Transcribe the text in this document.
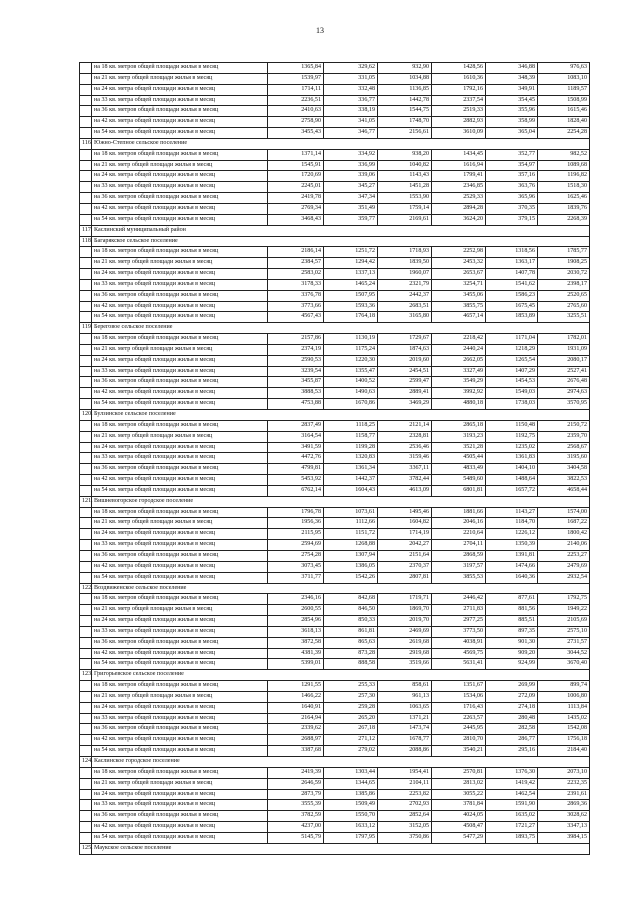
13
	на 18 кв. метров общей площади жилья в месяц	1365,84	329,62	932,90	1428,56	346,88	976,63
	на 21 кв. метр общей площади жилья в месяц	1539,97	331,05	1034,88	1610,36	348,39	1083,10
	на 24 кв. метра общей площади жилья в месяц	1714,11	332,48	1136,85	1792,16	349,91	1189,57
	на 33 кв. метра общей площади жилья в месяц	2236,51	336,77	1442,78	2337,54	354,45	1508,99
	на 36 кв. метров общей площади жилья в месяц	2410,63	338,19	1544,75	2519,33	355,96	1615,46
	на 42 кв. метра общей площади жилья в месяц	2758,90	341,05	1748,70	2882,93	358,99	1828,40
	на 54 кв. метра общей площади жилья в месяц	3455,43	346,77	2156,61	3610,09	365,04	2254,28
116.	Южно-Степное сельское поселение						
	на 18 кв. метров общей площади жилья в месяц	1371,14	334,92	938,20	1434,45	352,77	982,52
	на 21 кв. метр общей площади жилья в месяц	1545,91	336,99	1040,82	1616,94	354,97	1089,68
	на 24 кв. метра общей площади жилья в месяц	1720,69	339,06	1143,43	1799,41	357,16	1196,82
	на 33 кв. метра общей площади жилья в месяц	2245,01	345,27	1451,28	2346,85	363,76	1518,30
	на 36 кв. метров общей площади жилья в месяц	2419,78	347,34	1553,90	2529,33	365,96	1625,46
	на 42 кв. метра общей площади жилья в месяц	2769,34	351,49	1759,14	2894,28	370,35	1839,76
	на 54 кв. метра общей площади жилья в месяц	3468,43	359,77	2169,61	3624,20	379,15	2268,39
117.	Каслинский муниципальный район						
118.	Багарякское сельское поселение						
	на 18 кв. метров общей площади жилья в месяц	2186,14	1251,72	1718,93	2252,98	1318,56	1785,77
	на 21 кв. метр общей площади жилья в месяц	2384,57	1294,42	1839,50	2453,32	1363,17	1908,25
	на 24 кв. метра общей площади жилья в месяц	2583,02	1337,13	1960,07	2653,67	1407,78	2030,72
	на 33 кв. метра общей площади жилья в месяц	3178,33	1465,24	2321,79	3254,71	1541,62	2398,17
	на 36 кв. метров общей площади жилья в месяц	3376,78	1507,95	2442,37	3455,06	1586,23	2520,65
	на 42 кв. метра общей площади жилья в месяц	3773,66	1593,36	2683,51	3855,75	1675,45	2765,60
	на 54 кв. метра общей площади жилья в месяц	4567,43	1764,18	3165,80	4657,14	1853,89	3255,51
119.	Береговое сельское поселение						
	на 18 кв. метров общей площади жилья в месяц	2157,86	1130,19	1729,67	2218,42	1171,04	1782,01
	на 21 кв. метр общей площади жилья в месяц	2374,19	1175,24	1874,63	2440,24	1218,29	1931,09
	на 24 кв. метра общей площади жилья в месяц	2590,53	1220,30	2019,60	2662,05	1265,54	2080,17
	на 33 кв. метра общей площади жилья в месяц	3239,54	1355,47	2454,51	3327,49	1407,29	2527,41
	на 36 кв. метров общей площади жилья в месяц	3455,87	1400,52	2599,47	3549,29	1454,53	2676,48
	на 42 кв. метра общей площади жилья в месяц	3888,53	1490,63	2889,41	3992,92	1549,03	2974,63
	на 54 кв. метра общей площади жилья в месяц	4753,88	1670,86	3469,29	4880,18	1738,03	3570,95
120.	Булзинское сельское поселение						
	на 18 кв. метров общей площади жилья в месяц	2837,49	1118,25	2121,14	2865,18	1150,48	2150,72
	на 21 кв. метр общей площади жилья в месяц	3164,54	1158,77	2328,81	3193,23	1192,75	2359,70
	на 24 кв. метра общей площади жилья в месяц	3491,59	1199,28	2536,46	3521,28	1235,02	2568,67
	на 33 кв. метра общей площади жилья в месяц	4472,76	1320,83	3159,46	4505,44	1361,83	3195,60
	на 36 кв. метров общей площади жилья в месяц	4799,81	1361,34	3367,11	4833,49	1404,10	3404,58
	на 42 кв. метра общей площади жилья в месяц	5453,92	1442,37	3782,44	5489,60	1488,64	3822,53
	на 54 кв. метра общей площади жилья в месяц	6762,14	1604,43	4613,09	6801,81	1657,72	4658,44
121.	Вишневогорское городское поселение						
	на 18 кв. метров общей площади жилья в месяц	1796,78	1073,61	1495,46	1881,66	1143,27	1574,00
	на 21 кв. метр общей площади жилья в месяц	1956,36	1112,66	1604,82	2046,16	1184,70	1687,22
	на 24 кв. метра общей площади жилья в месяц	2115,95	1151,72	1714,19	2210,64	1226,12	1800,42
	на 33 кв. метра общей площади жилья в месяц	2594,69	1268,88	2042,27	2704,11	1350,39	2140,06
	на 36 кв. метров общей площади жилья в месяц	2754,28	1307,94	2151,64	2868,59	1391,81	2253,27
	на 42 кв. метра общей площади жилья в месяц	3073,45	1386,05	2370,37	3197,57	1474,66	2479,69
	на 54 кв. метра общей площади жилья в месяц	3711,77	1542,26	2807,81	3855,53	1640,36	2932,54
122.	Воздвиженское сельское поселение						
	на 18 кв. метров общей площади жилья в месяц	2346,16	842,68	1719,71	2446,42	877,61	1792,75
	на 21 кв. метр общей площади жилья в месяц	2600,55	846,50	1869,70	2711,83	881,56	1949,22
	на 24 кв. метра общей площади жилья в месяц	2854,96	850,33	2019,70	2977,25	885,51	2105,69
	на 33 кв. метра общей площади жилья в месяц	3618,13	861,81	2469,69	3773,50	897,35	2575,10
	на 36 кв. метров общей площади жилья в месяц	3872,58	865,63	2619,68	4038,91	901,30	2731,57
	на 42 кв. метра общей площади жилья в месяц	4381,39	873,28	2919,68	4569,75	909,20	3044,52
	на 54 кв. метра общей площади жилья в месяц	5399,01	888,58	3519,66	5631,41	924,99	3670,40
123.	Григорьевское сельское поселение						
	на 18 кв. метров общей площади жилья в месяц	1291,55	255,33	858,61	1351,67	269,99	899,74
	на 21 кв. метр общей площади жилья в месяц	1466,22	257,30	961,13	1534,06	272,09	1006,80
	на 24 кв. метра общей площади жилья в месяц	1640,91	259,28	1063,65	1716,43	274,18	1113,84
	на 33 кв. метра общей площади жилья в месяц	2164,94	265,20	1371,21	2263,57	280,48	1435,02
	на 36 кв. метров общей площади жилья в месяц	2339,62	267,18	1473,74	2445,95	282,58	1542,08
	на 42 кв. метра общей площади жилья в месяц	2688,97	271,12	1678,77	2810,70	286,77	1756,18
	на 54 кв. метра общей площади жилья в месяц	3387,68	279,02	2088,86	3540,21	295,16	2184,40
124.	Каслинское городское поселение						
	на 18 кв. метров общей площади жилья в месяц	2419,39	1303,44	1954,41	2570,81	1376,30	2073,10
	на 21 кв. метр общей площади жилья в месяц	2646,59	1344,65	2104,11	2813,02	1419,42	2232,35
	на 24 кв. метра общей площади жилья в месяц	2873,79	1385,86	2253,82	3055,22	1462,54	2391,61
	на 33 кв. метра общей площади жилья в месяц	3555,39	1509,49	2702,93	3781,84	1591,90	2869,36
	на 36 кв. метров общей площади жилья в месяц	3782,59	1550,70	2852,64	4024,05	1635,02	3028,62
	на 42 кв. метра общей площади жилья в месяц	4237,00	1633,12	3152,05	4508,47	1721,27	3347,13
	на 54 кв. метра общей площади жилья в месяц	5145,79	1797,95	3750,86	5477,29	1893,75	3984,15
125.	Маукское сельское поселение						
